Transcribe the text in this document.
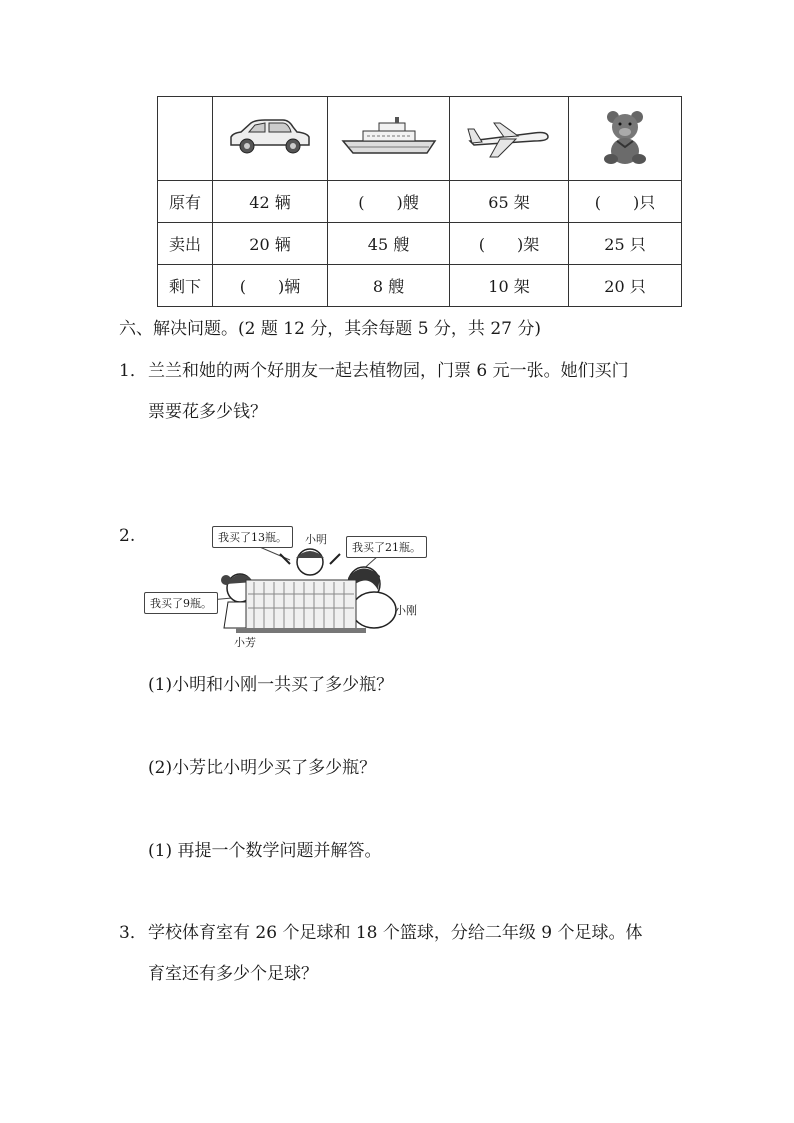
原有	42 辆	(　　)艘	65 架	(　　)只
卖出	20 辆	45 艘	(　　)架	25 只
剩下	(　　)辆	8 艘	10 架	20 只
六、解决问题。(2 题 12 分，其余每题 5 分，共 27 分)
1． 兰兰和她的两个好朋友一起去植物园，门票 6 元一张。她们买门
票要花多少钱？
2.	我买了13瓶。
我买了21瓶。
我买了9瓶。
小明
小刚
小芳
(1)小明和小刚一共买了多少瓶？
(2)小芳比小明少买了多少瓶？
(1) 再提一个数学问题并解答。
3． 学校体育室有 26 个足球和 18 个篮球，分给二年级 9 个足球。体
育室还有多少个足球？
